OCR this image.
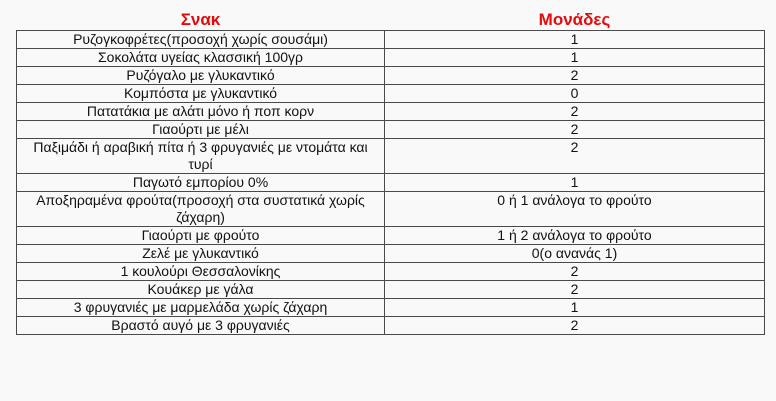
Σνακ	Μονάδες
Ρυζογκοφρέτες(προσοχή χωρίς σουσάμι)	1
Σοκολάτα υγείας κλασσική 100γρ	1
Ρυζόγαλο με γλυκαντικό	2
Κομπόστα με γλυκαντικό	0
Πατατάκια με αλάτι μόνο ή ποπ κορν	2
Γιαούρτι με μέλι	2
Παξιμάδι ή αραβική πίτα ή 3 φρυγανιές με ντομάτα και τυρί	2
Παγωτό εμπορίου 0%	1
Αποξηραμένα φρούτα(προσοχή στα συστατικά χωρίς ζάχαρη)	0 ή 1 ανάλογα το φρούτο
Γιαούρτι με φρούτο	1 ή 2 ανάλογα το φρούτο
Ζελέ με γλυκαντικό	0(ο ανανάς 1)
1 κουλούρι Θεσσαλονίκης	2
Κουάκερ με γάλα	2
3 φρυγανιές με μαρμελάδα χωρίς ζάχαρη	1
Βραστό αυγό με 3 φρυγανιές	2
